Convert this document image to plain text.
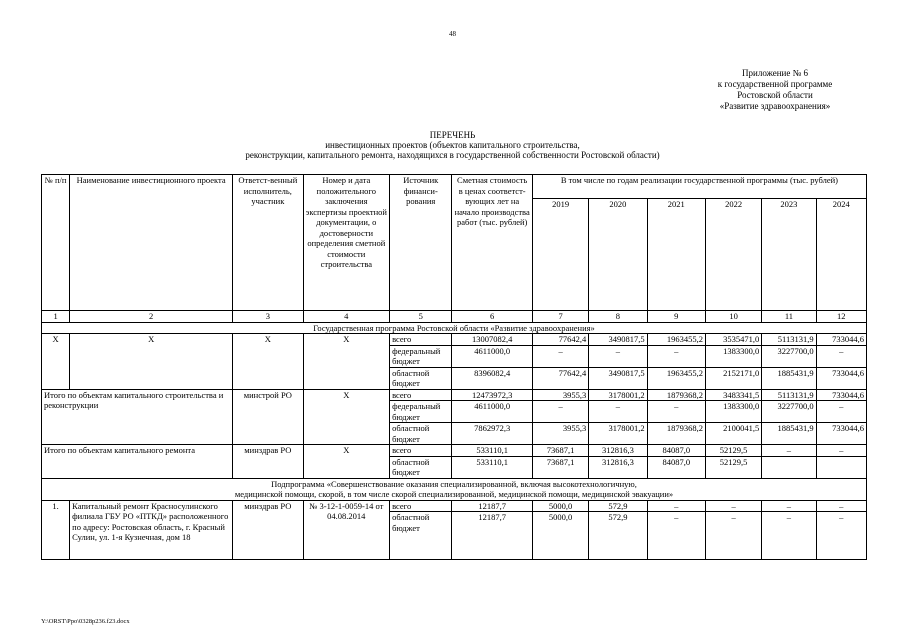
48
Приложение № 6
к государственной программе
Ростовской области
«Развитие здравоохранения»
ПЕРЕЧЕНЬ
инвестиционных проектов (объектов капитального строительства,
реконструкции, капитального ремонта, находящихся в государственной собственности Ростовской области)
№ п/п	Наименование инвестиционного проекта	Ответст-венный исполнитель, участник	Номер и дата положительного заключения экспертизы проектной документации, о достоверности определения сметной стоимости строительства	Источник финанси-рования	Сметная стоимость в ценах соответст-вующих лет на начало производства работ (тыс. рублей)	В том числе по годам реализации государственной программы (тыс. рублей)					
						2019	2020	2021	2022	2023	2024
1	2	3	4	5	6	7	8	9	10	11	12
Государственная программа Ростовской области «Развитие здравоохранения»											
Х	Х	Х	Х	всего	13007082,4	77642,4	3490817,5	1963455,2	3535471,0	5113131,9	733044,6
				федеральный бюджет	4611000,0	–	–	–	1383300,0	3227700,0	–
				областной бюджет	8396082,4	77642,4	3490817,5	1963455,2	2152171,0	1885431,9	733044,6
Итого по объектам капитального строительства и реконструкции		минстрой РО	Х	всего	12473972,3	3955,3	3178001,2	1879368,2	3483341,5	5113131,9	733044,6
				федеральный бюджет	4611000,0	–	–	–	1383300,0	3227700,0	–
				областной бюджет	7862972,3	3955,3	3178001,2	1879368,2	2100041,5	1885431,9	733044,6
Итого по объектам капитального ремонта		минздрав РО	Х	всего	533110,1	73687,1	312816,3	84087,0	52129,5	–	–
				областной бюджет	533110,1	73687,1	312816,3	84087,0	52129,5		

Подпрограмма «Совершенствование оказания специализированной, включая высокотехнологичную,
медицинской помощи, скорой, в том числе скорой специализированной, медицинской помощи, медицинской эвакуации»											

1.	Капитальный ремонт Красносулинского филиала ГБУ РО «ПТКД» расположенного по адресу: Ростовская область, г. Красный Сулин, ул. 1-я Кузнечная, дом 18	минздрав РО	№ 3-12-1-0059-14 от 04.08.2014	всего	12187,7	5000,0	572,9	–	–	–	–
				областной бюджет	12187,7	5000,0	572,9	–	–	–	–
Y:\ORST\Ppo\0328p236.f23.docx
